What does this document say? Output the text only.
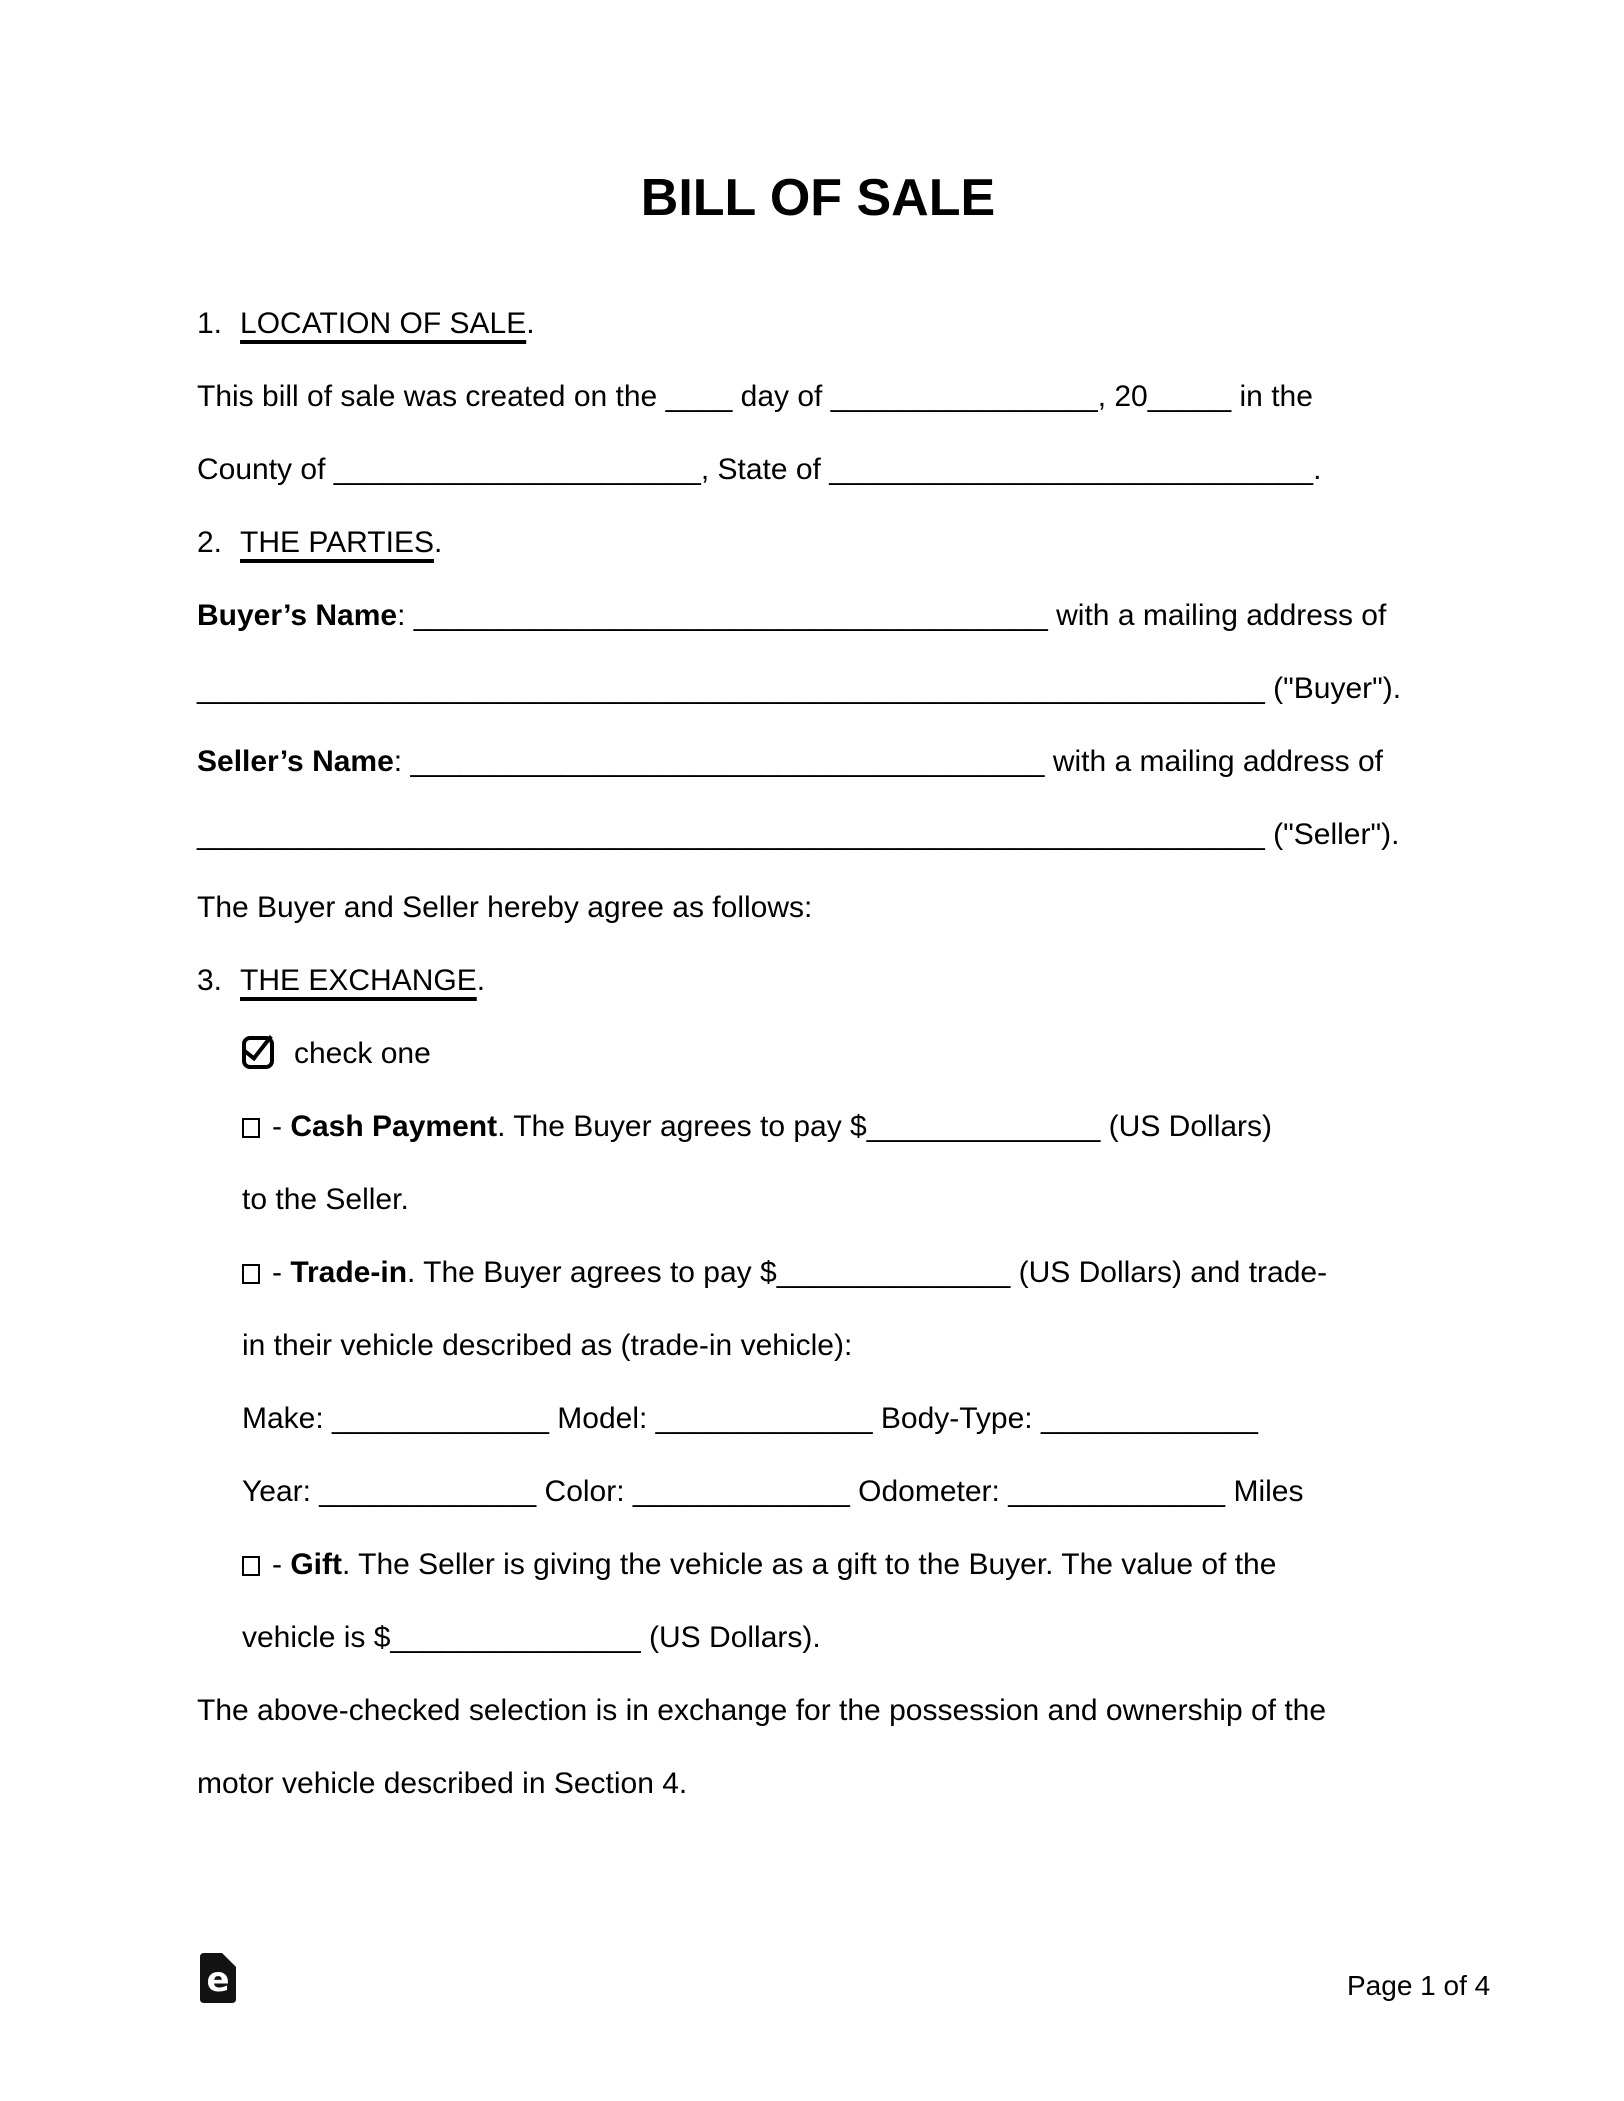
BILL OF SALE
1. LOCATION OF SALE.
This bill of sale was created on the ____ day of ________________, 20_____ in the
County of ______________________, State of _____________________________.
2. THE PARTIES.
Buyer’s Name: ______________________________________ with a mailing address of
________________________________________________________________ ("Buyer").
Seller’s Name: ______________________________________ with a mailing address of
________________________________________________________________ ("Seller").
The Buyer and Seller hereby agree as follows:
3. THE EXCHANGE.
check one
- Cash Payment. The Buyer agrees to pay $______________ (US Dollars)
to the Seller.
- Trade-in. The Buyer agrees to pay $______________ (US Dollars) and trade-
in their vehicle described as (trade-in vehicle):
Make: _____________ Model: _____________ Body-Type: _____________
Year: _____________ Color: _____________ Odometer: _____________ Miles
- Gift. The Seller is giving the vehicle as a gift to the Buyer. The value of the
vehicle is $_______________ (US Dollars).
The above-checked selection is in exchange for the possession and ownership of the
motor vehicle described in Section 4.
e	Page 1 of 4
